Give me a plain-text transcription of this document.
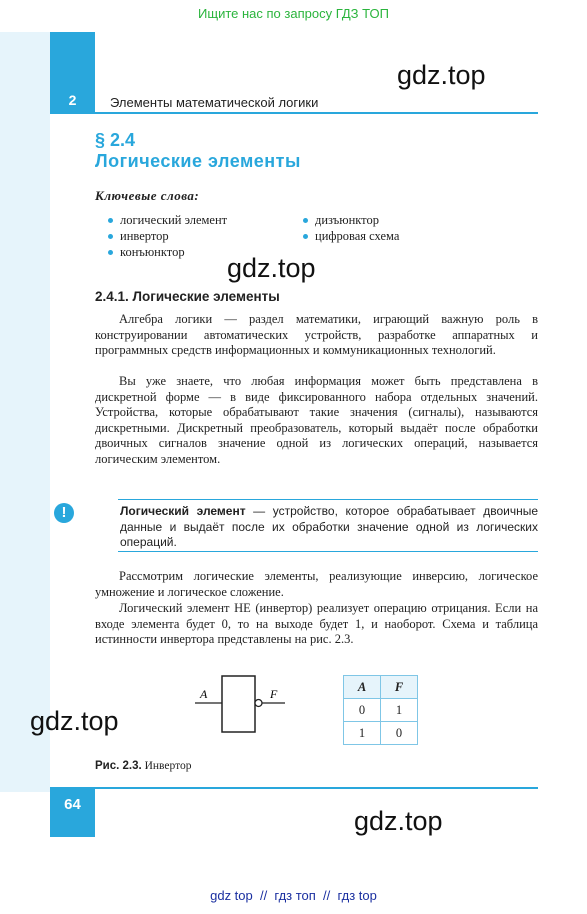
Ищите нас по запросу ГДЗ ТОП
2	Элементы математической логики
gdz.top
§ 2.4
Логические элементы
Ключевые слова:
логический элемент
инвертор
конъюнктор
дизъюнктор
цифровая схема
gdz.top
2.4.1. Логические элементы

Алгебра логики — раздел математики, играющий важную роль в конструировании автоматических устройств, разработке аппаратных и программных средств информационных и коммуникационных технологий.

Вы уже знаете, что любая информация может быть представлена в дискретной форме — в виде фиксированного набора отдельных значений. Устройства, которые обрабатывают такие значения (сигналы), называются дискретными. Дискретный преобразователь, который выдаёт после обработки двоичных сигналов значение одной из логических операций, называется логическим элементом.

!	Логический элемент — устройство, которое обрабатывает двоичные данные и выдаёт после их обработки значение одной из логических операций.

Рассмотрим логические элементы, реализующие инверсию, логическое умножение и логическое сложение.

Логический элемент НЕ (инвертор) реализует операцию отрицания. Если на входе элемента будет 0, то на выходе будет 1, и наоборот. Схема и таблица истинности инвертора представлены на рис. 2.3.

A	F
A	F
0	1
1	0
gdz.top
Рис. 2.3. Инвертор
64
gdz.top
gdz top  //  гдз топ  //  гдз top
